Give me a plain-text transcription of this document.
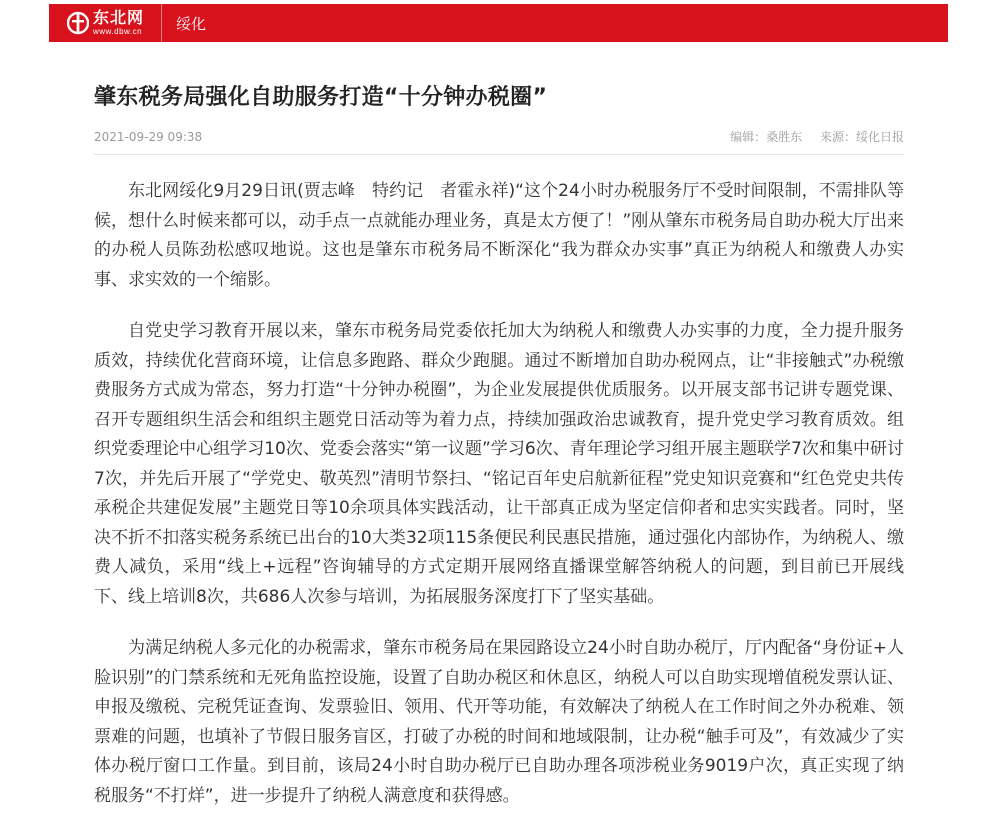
东北网
www.dbw.cn	绥化
肇东税务局强化自助服务打造“十分钟办税圈”
2021-09-29 09:38	编辑：桑胜东 来源：绥化日报

东北网绥化9月29日讯(贾志峰　特约记　者霍永祥)“这个24小时办税服务厅不受时间限制，不需排队等候，想什么时候来都可以，动手点一点就能办理业务，真是太方便了！”刚从肇东市税务局自助办税大厅出来的办税人员陈劲松感叹地说。这也是肇东市税务局不断深化“我为群众办实事”真正为纳税人和缴费人办实事、求实效的一个缩影。

自党史学习教育开展以来，肇东市税务局党委依托加大为纳税人和缴费人办实事的力度，全力提升服务质效，持续优化营商环境，让信息多跑路、群众少跑腿。通过不断增加自助办税网点，让“非接触式”办税缴费服务方式成为常态，努力打造“十分钟办税圈”，为企业发展提供优质服务。以开展支部书记讲专题党课、召开专题组织生活会和组织主题党日活动等为着力点，持续加强政治忠诚教育，提升党史学习教育质效。组织党委理论中心组学习10次、党委会落实“第一议题”学习6次、青年理论学习组开展主题联学7次和集中研讨7次，并先后开展了“学党史、敬英烈”清明节祭扫、“铭记百年史启航新征程”党史知识竞赛和“红色党史共传承税企共建促发展”主题党日等10余项具体实践活动，让干部真正成为坚定信仰者和忠实实践者。同时，坚决不折不扣落实税务系统已出台的10大类32项115条便民利民惠民措施，通过强化内部协作，为纳税人、缴费人减负，采用“线上+远程”咨询辅导的方式定期开展网络直播课堂解答纳税人的问题，到目前已开展线下、线上培训8次，共686人次参与培训，为拓展服务深度打下了坚实基础。

为满足纳税人多元化的办税需求，肇东市税务局在果园路设立24小时自助办税厅，厅内配备“身份证+人脸识别”的门禁系统和无死角监控设施，设置了自助办税区和休息区，纳税人可以自助实现增值税发票认证、申报及缴税、完税凭证查询、发票验旧、领用、代开等功能，有效解决了纳税人在工作时间之外办税难、领票难的问题，也填补了节假日服务盲区，打破了办税的时间和地域限制，让办税“触手可及”，有效减少了实体办税厅窗口工作量。到目前，该局24小时自助办税厅已自助办理各项涉税业务9019户次，真正实现了纳税服务“不打烊”，进一步提升了纳税人满意度和获得感。
